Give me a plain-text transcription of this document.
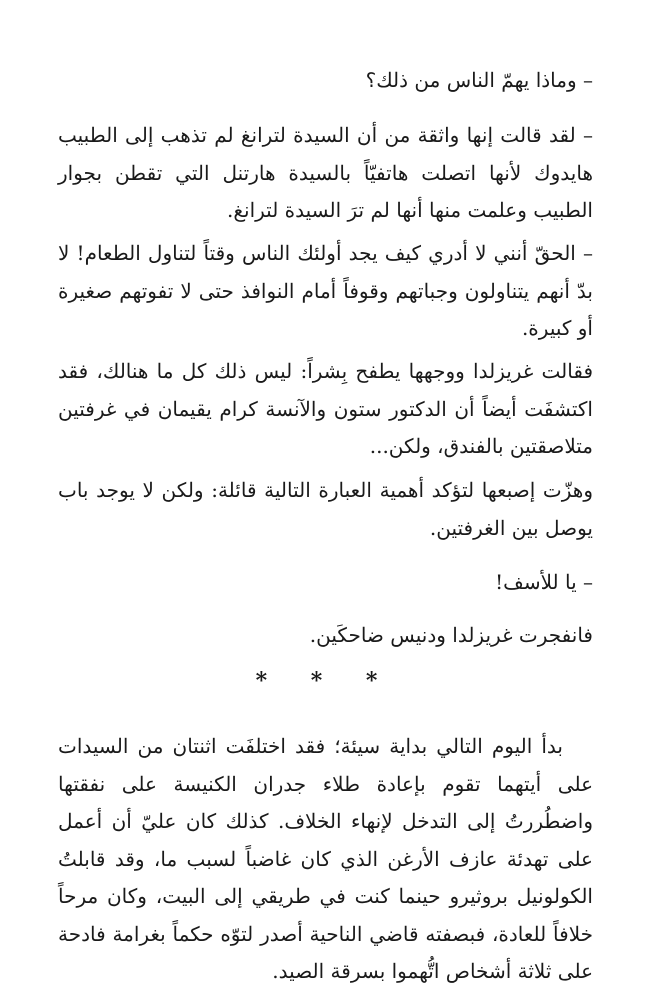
– وماذا يهمّ الناس من ذلك؟

– لقد قالت إنها واثقة من أن السيدة لترانغ لم تذهب إلى الطبيب هايدوك لأنها اتصلت هاتفيّاً بالسيدة هارتنل التي تقطن بجوار الطبيب وعلمت منها أنها لم ترَ السيدة لترانغ.

– الحقّ أنني لا أدري كيف يجد أولئك الناس وقتاً لتناول الطعام! لا بدّ أنهم يتناولون وجباتهم وقوفاً أمام النوافذ حتى لا تفوتهم صغيرة أو كبيرة.

فقالت غريزلدا ووجهها يطفح بِشراً: ليس ذلك كل ما هنالك، فقد اكتشفَت أيضاً أن الدكتور ستون والآنسة كرام يقيمان في غرفتين متلاصقتين بالفندق، ولكن...

وهزّت إصبعها لتؤكد أهمية العبارة التالية قائلة: ولكن لا يوجد باب يوصل بين الغرفتين.

– يا للأسف!

فانفجرت غريزلدا ودنيس ضاحكَين.

* * *

بدأ اليوم التالي بداية سيئة؛ فقد اختلفَت اثنتان من السيدات على أيتهما تقوم بإعادة طلاء جدران الكنيسة على نفقتها واضطُررتُ إلى التدخل لإنهاء الخلاف. كذلك كان عليّ أن أعمل على تهدئة عازف الأرغن الذي كان غاضباً لسبب ما، وقد قابلتُ الكولونيل بروثيرو حينما كنت في طريقي إلى البيت، وكان مرحاً خلافاً للعادة، فبصفته قاضي الناحية أصدر لتوّه حكماً بغرامة فادحة على ثلاثة أشخاص اتُّهموا بسرقة الصيد.
